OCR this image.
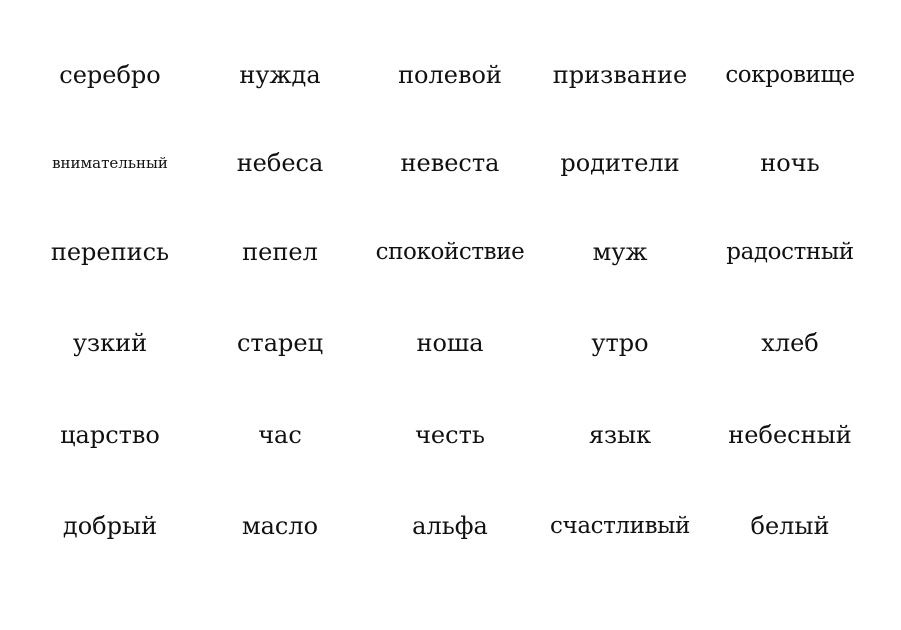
серебро	нужда	полевой	призвание	сокровище
внимательный	небеса	невеста	родители	ночь
перепись	пепел	спокойствие	муж	радостный
узкий	старец	ноша	утро	хлеб
царство	час	честь	язык	небесный
добрый	масло	альфа	счастливый	белый
